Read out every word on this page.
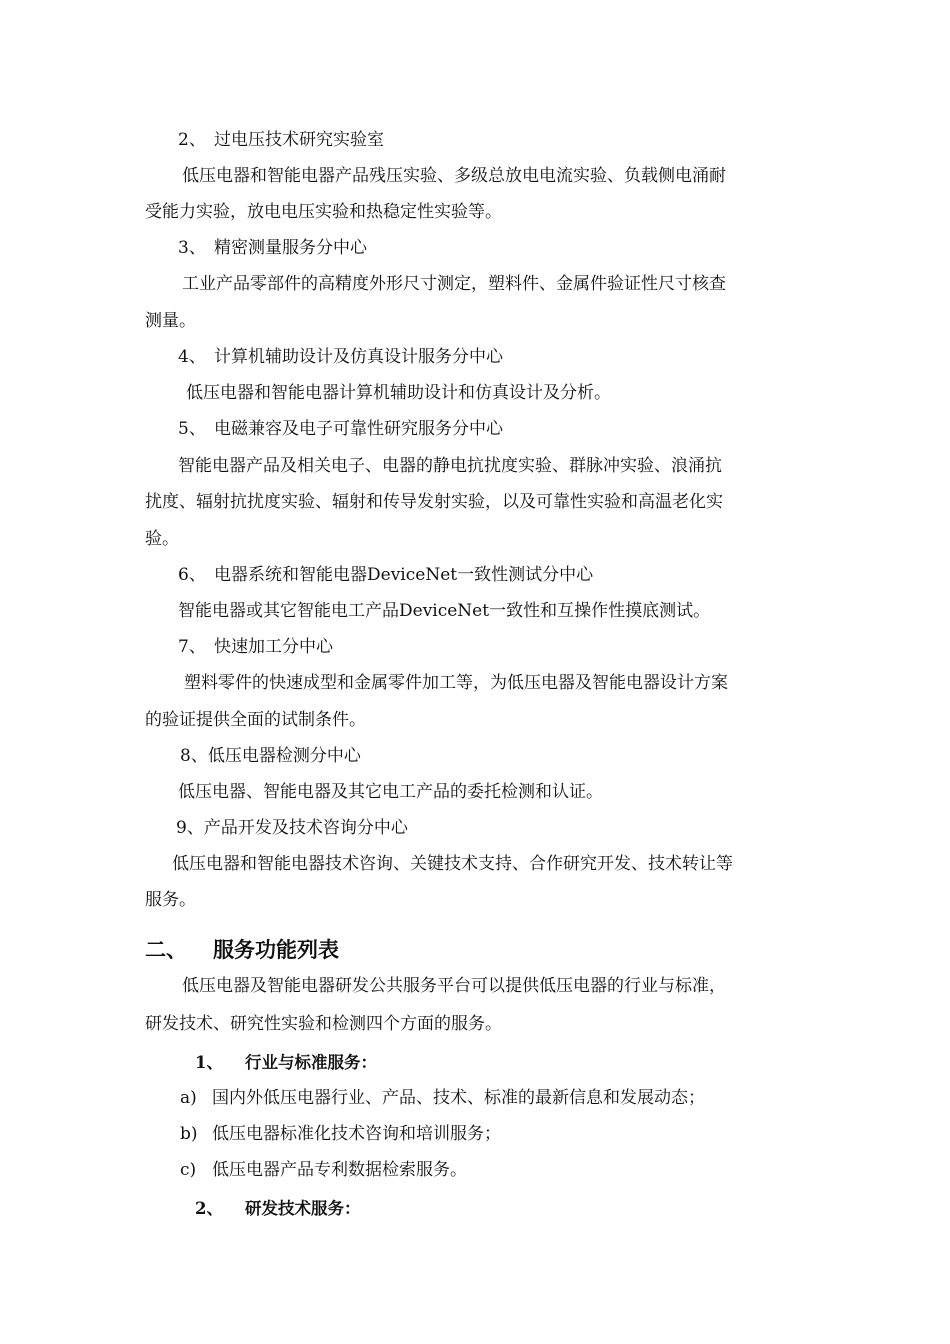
2、 过电压技术研究实验室
低压电器和智能电器产品残压实验、多级总放电电流实验、负载侧电涌耐
受能力实验，放电电压实验和热稳定性实验等。
3、 精密测量服务分中心
工业产品零部件的高精度外形尺寸测定，塑料件、金属件验证性尺寸核查
测量。
4、 计算机辅助设计及仿真设计服务分中心
低压电器和智能电器计算机辅助设计和仿真设计及分析。
5、 电磁兼容及电子可靠性研究服务分中心
智能电器产品及相关电子、电器的静电抗扰度实验、群脉冲实验、浪涌抗
扰度、辐射抗扰度实验、辐射和传导发射实验，以及可靠性实验和高温老化实
验。
6、 电器系统和智能电器DeviceNet一致性测试分中心
智能电器或其它智能电工产品DeviceNet一致性和互操作性摸底测试。
7、 快速加工分中心
塑料零件的快速成型和金属零件加工等，为低压电器及智能电器设计方案
的验证提供全面的试制条件。
8、低压电器检测分中心
低压电器、智能电器及其它电工产品的委托检测和认证。
9、产品开发及技术咨询分中心
低压电器和智能电器技术咨询、关键技术支持、合作研究开发、技术转让等
服务。
二、 服务功能列表
低压电器及智能电器研发公共服务平台可以提供低压电器的行业与标准，
研发技术、研究性实验和检测四个方面的服务。
1、 行业与标准服务：
a) 国内外低压电器行业、产品、技术、标准的最新信息和发展动态；
b) 低压电器标准化技术咨询和培训服务；
c) 低压电器产品专利数据检索服务。
2、 研发技术服务：
